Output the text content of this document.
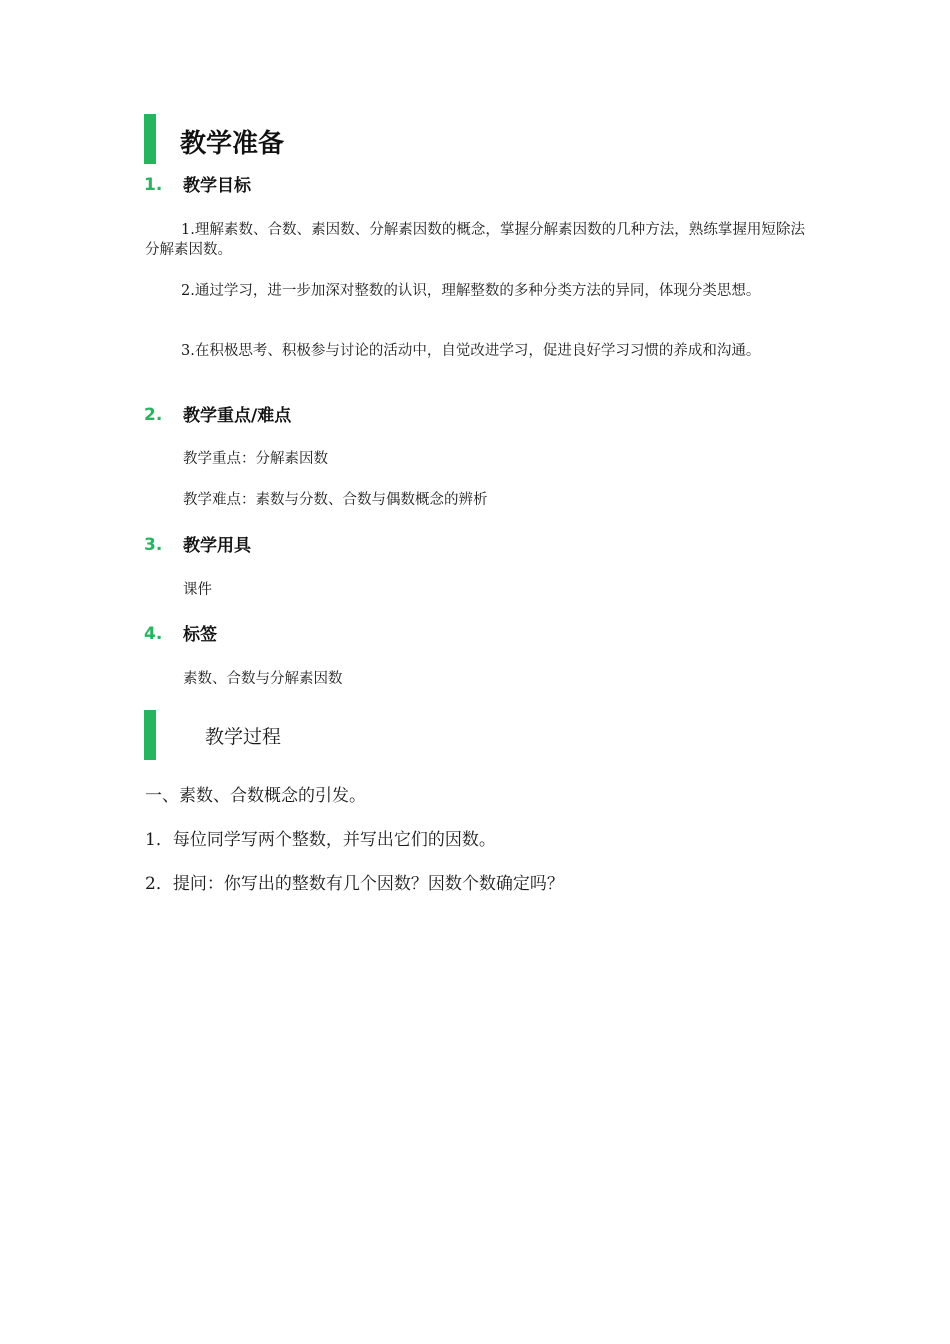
教学准备
1. 教学目标

1.理解素数、合数、素因数、分解素因数的概念，掌握分解素因数的几种方法，熟练掌握用短除法分解素因数。

2.通过学习，进一步加深对整数的认识，理解整数的多种分类方法的异同，体现分类思想。

3.在积极思考、积极参与讨论的活动中，自觉改进学习，促进良好学习习惯的养成和沟通。

2. 教学重点/难点
教学重点：分解素因数
教学难点：素数与分数、合数与偶数概念的辨析
3. 教学用具
课件
4. 标签
素数、合数与分解素因数
教学过程
一、素数、合数概念的引发。
1．每位同学写两个整数，并写出它们的因数。
2．提问：你写出的整数有几个因数？因数个数确定吗？
